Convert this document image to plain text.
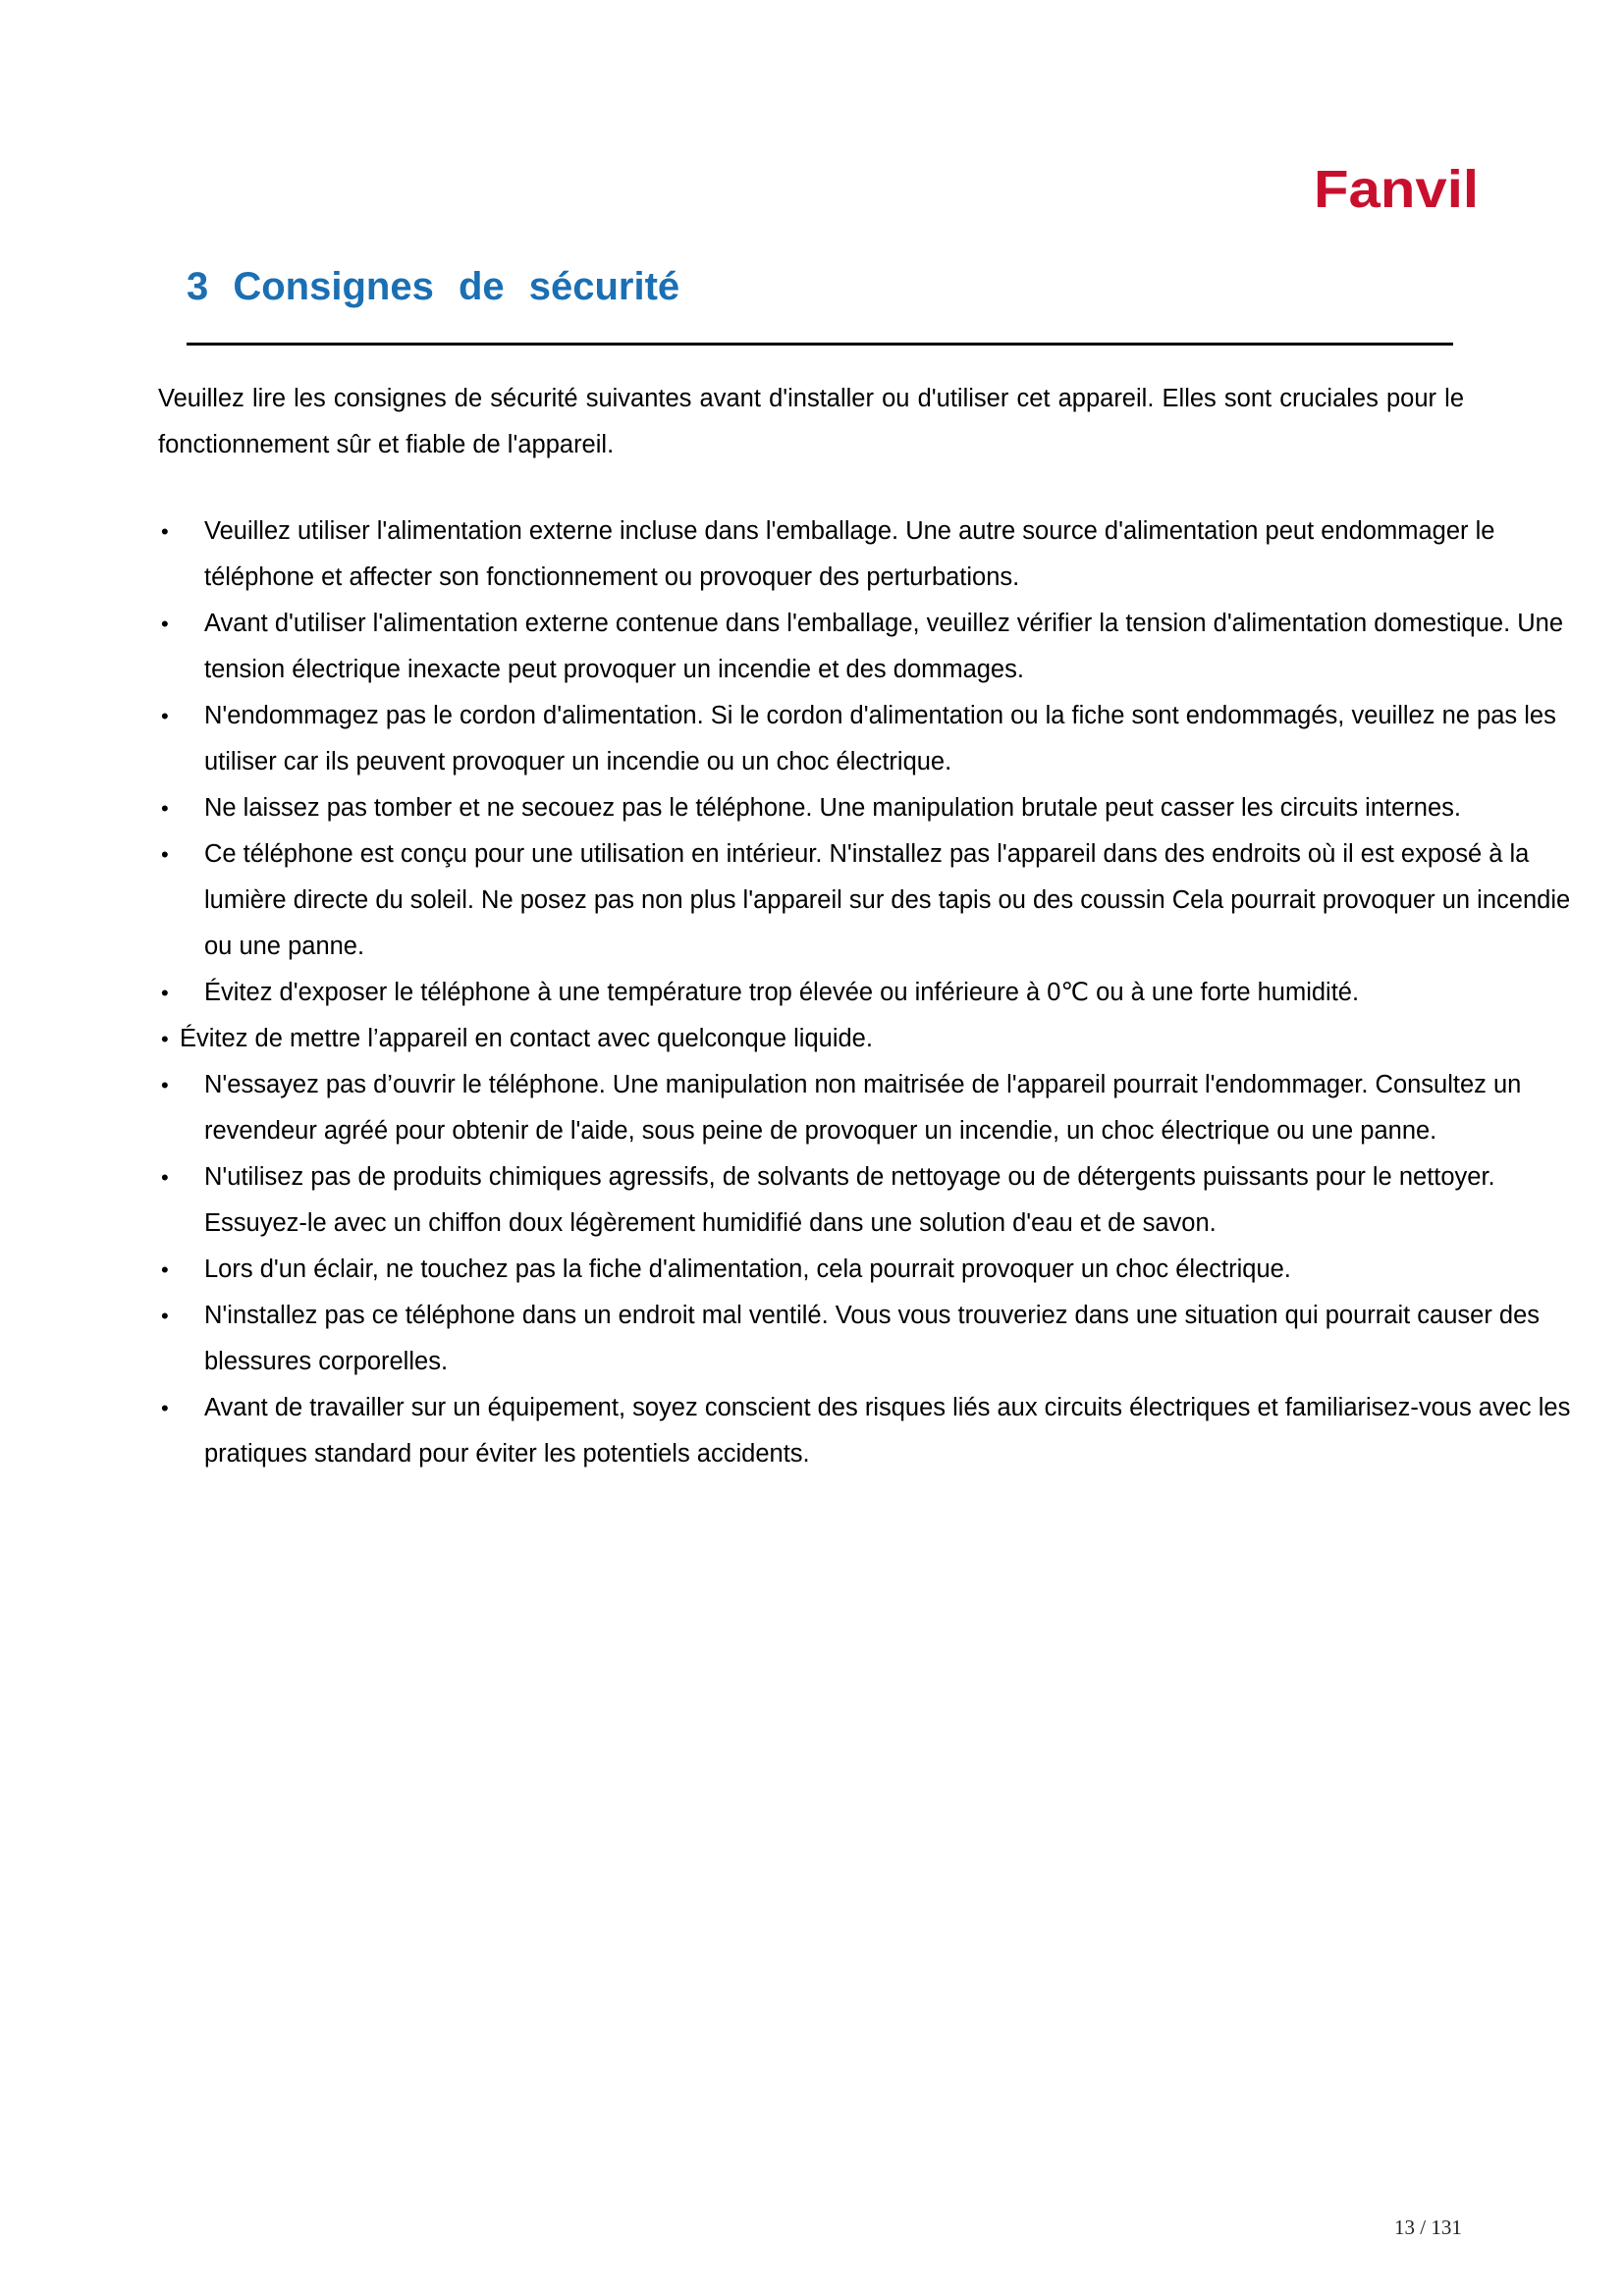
Fanvil
3 Consignes de sécurité

Veuillez lire les consignes de sécurité suivantes avant d'installer ou d'utiliser cet appareil. Elles sont cruciales pour le fonctionnement sûr et fiable de l'appareil.

• Veuillez utiliser l'alimentation externe incluse dans l'emballage. Une autre source d'alimentation peut endommager le téléphone et affecter son fonctionnement ou provoquer des perturbations.
• Avant d'utiliser l'alimentation externe contenue dans l'emballage, veuillez vérifier la tension d'alimentation domestique. Une tension électrique inexacte peut provoquer un incendie et des dommages.
• N'endommagez pas le cordon d'alimentation. Si le cordon d'alimentation ou la fiche sont endommagés, veuillez ne pas les utiliser car ils peuvent provoquer un incendie ou un choc électrique.
• Ne laissez pas tomber et ne secouez pas le téléphone. Une manipulation brutale peut casser les circuits internes.
• Ce téléphone est conçu pour une utilisation en intérieur. N'installez pas l'appareil dans des endroits où il est exposé à la lumière directe du soleil. Ne posez pas non plus l'appareil sur des tapis ou des coussin Cela pourrait provoquer un incendie ou une panne.
• Évitez d'exposer le téléphone à une température trop élevée ou inférieure à 0℃ ou à une forte humidité.
• Évitez de mettre l’appareil en contact avec quelconque liquide.
• N'essayez pas d’ouvrir le téléphone. Une manipulation non maitrisée de l'appareil pourrait l'endommager. Consultez un revendeur agréé pour obtenir de l'aide, sous peine de provoquer un incendie, un choc électrique ou une panne.
• N'utilisez pas de produits chimiques agressifs, de solvants de nettoyage ou de détergents puissants pour le nettoyer. Essuyez-le avec un chiffon doux légèrement humidifié dans une solution d'eau et de savon.
• Lors d'un éclair, ne touchez pas la fiche d'alimentation, cela pourrait provoquer un choc électrique.
• N'installez pas ce téléphone dans un endroit mal ventilé. Vous vous trouveriez dans une situation qui pourrait causer des blessures corporelles.
• Avant de travailler sur un équipement, soyez conscient des risques liés aux circuits électriques et familiarisez-vous avec les pratiques standard pour éviter les potentiels accidents.
13 / 131
